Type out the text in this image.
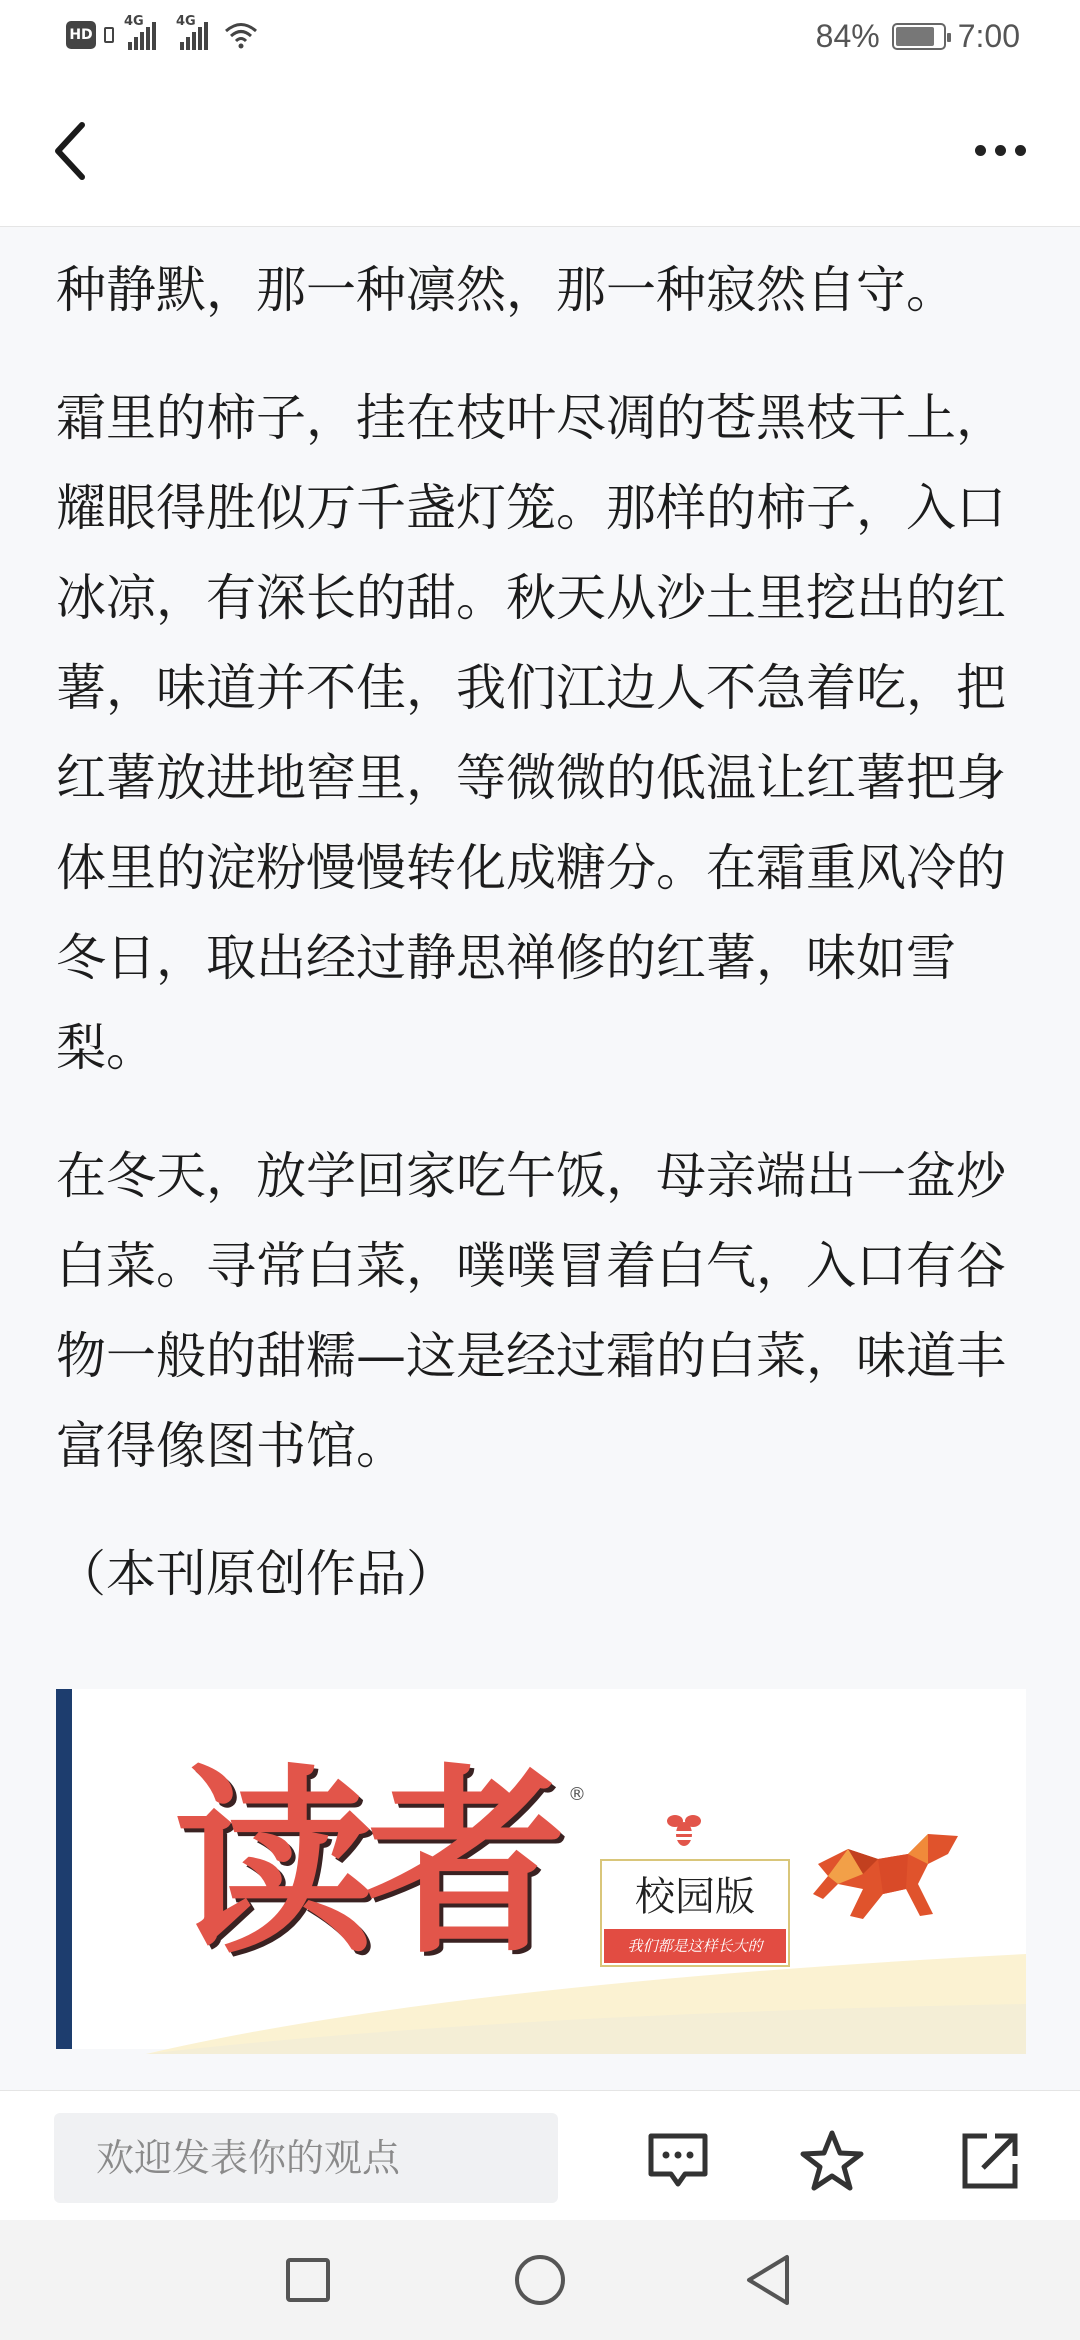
HD
4G 4G	84% 7:00

种静默，那一种凛然，那一种寂然自守。

霜里的柿子，挂在枝叶尽凋的苍黑枝干上， 耀眼得胜似万千盏灯笼。那样的柿子，入口冰凉，有深长的甜。秋天从沙土里挖出的红薯，味道并不佳，我们江边人不急着吃，把红薯放进地窖里，等微微的低温让红薯把身体里的淀粉慢慢转化成糖分。在霜重风冷的冬日，取出经过静思禅修的红薯，味如雪梨。

在冬天，放学回家吃午饭，母亲端出一盆炒白菜。寻常白菜，噗噗冒着白气，入口有谷物一般的甜糯—这是经过霜的白菜，味道丰富得像图书馆。

（本刊原创作品）

读者 ®
校园版
我们都是这样长大的
欢迎发表你的观点
